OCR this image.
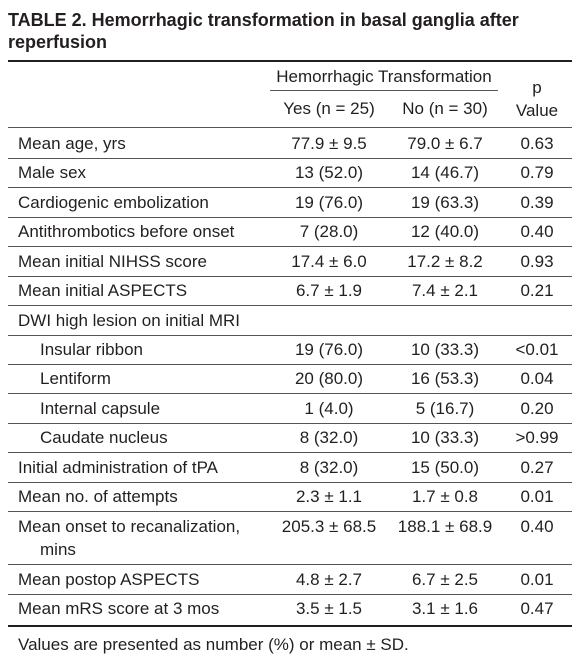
TABLE 2. Hemorrhagic transformation in basal ganglia after reperfusion
Hemorrhagic Transformation
p
Value
Yes (n = 25)	No (n = 30)
Mean age, yrs	77.9 ± 9.5	79.0 ± 6.7	0.63
Male sex	13 (52.0)	14 (46.7)	0.79
Cardiogenic embolization	19 (76.0)	19 (63.3)	0.39
Antithrombotics before onset	7 (28.0)	12 (40.0)	0.40
Mean initial NIHSS score	17.4 ± 6.0	17.2 ± 8.2	0.93
Mean initial ASPECTS	6.7 ± 1.9	7.4 ± 2.1	0.21
DWI high lesion on initial MRI
Insular ribbon	19 (76.0)	10 (33.3)	<0.01
Lentiform	20 (80.0)	16 (53.3)	0.04
Internal capsule	1 (4.0)	5 (16.7)	0.20
Caudate nucleus	8 (32.0)	10 (33.3)	>0.99
Initial administration of tPA	8 (32.0)	15 (50.0)	0.27
Mean no. of attempts	2.3 ± 1.1	1.7 ± 0.8	0.01
Mean onset to recanalization,
mins
205.3 ± 68.5	188.1 ± 68.9	0.40
Mean postop ASPECTS	4.8 ± 2.7	6.7 ± 2.5	0.01
Mean mRS score at 3 mos	3.5 ± 1.5	3.1 ± 1.6	0.47
Values are presented as number (%) or mean ± SD.
